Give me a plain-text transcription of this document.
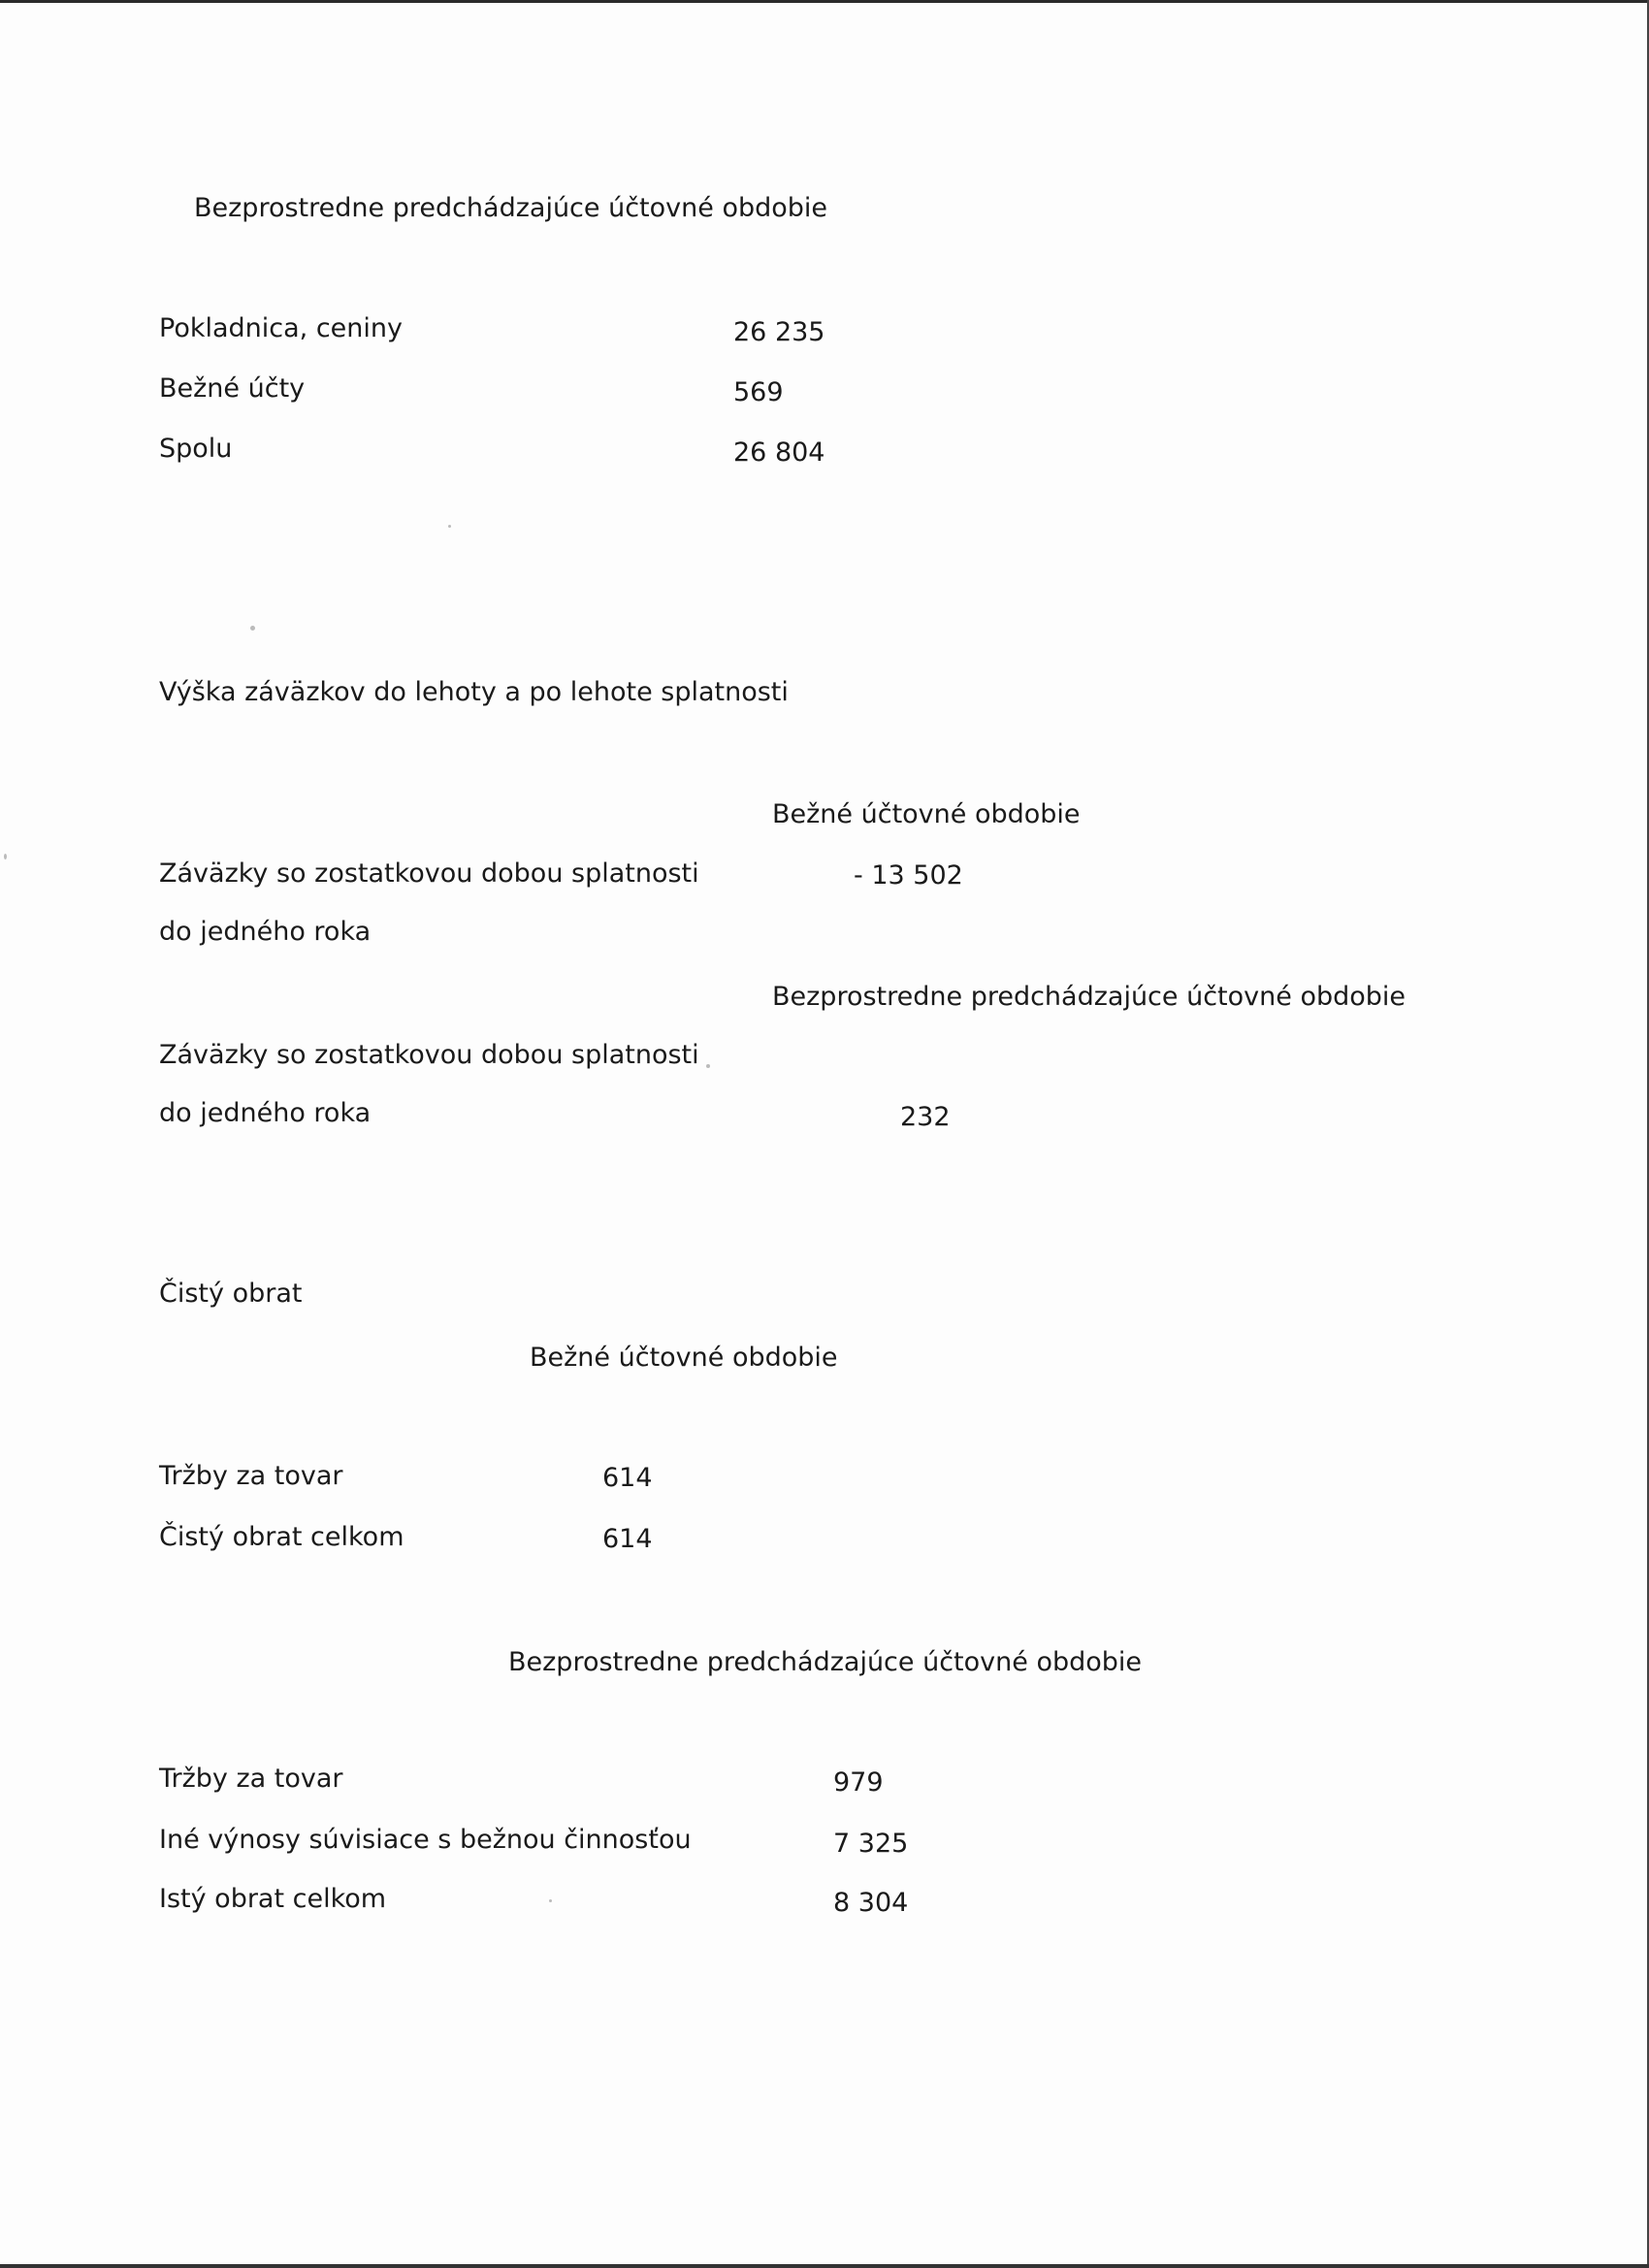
Bezprostredne predchádzajúce účtovné obdobie
Pokladnica, ceniny	26 235
Bežné účty	569
Spolu	26 804
Výška záväzkov do lehoty a po lehote splatnosti
Bežné účtovné obdobie
Záväzky so zostatkovou dobou splatnosti	- 13 502
do jedného roka
Bezprostredne predchádzajúce účtovné obdobie
Záväzky so zostatkovou dobou splatnosti
do jedného roka	232
Čistý obrat
Bežné účtovné obdobie
Tržby za tovar	614
Čistý obrat celkom	614
Bezprostredne predchádzajúce účtovné obdobie
Tržby za tovar	979
Iné výnosy súvisiace s bežnou činnosťou	7 325
Istý obrat celkom	8 304
